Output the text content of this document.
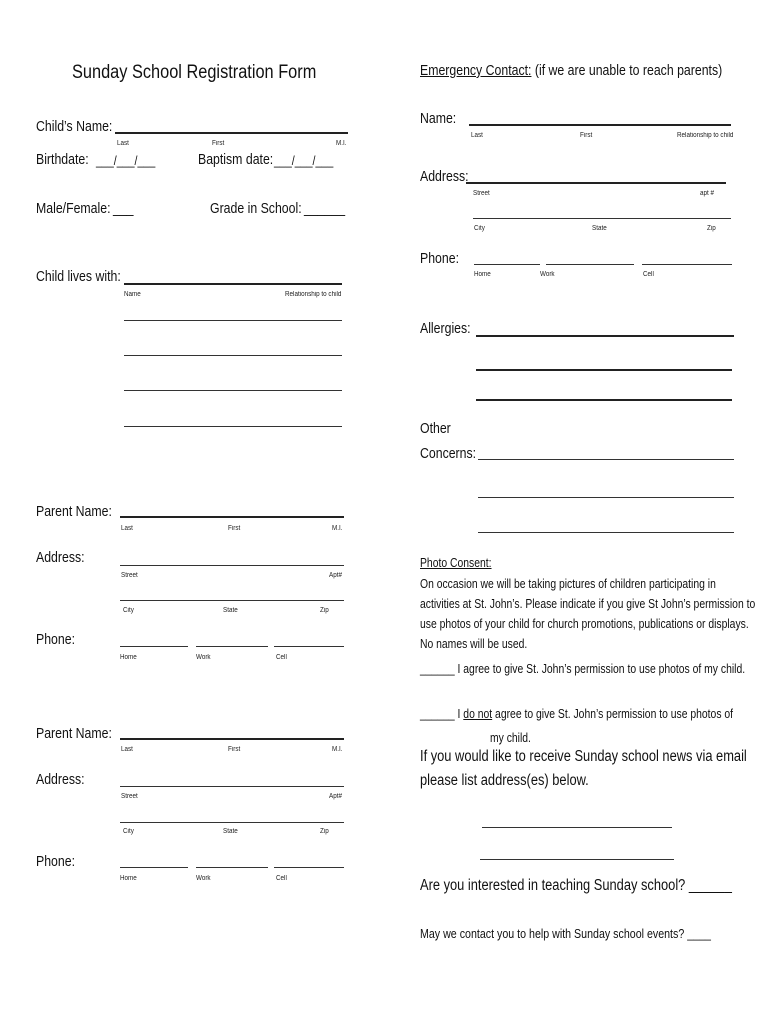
Sunday School Registration Form
Child’s Name:
Last	First	M.I.
Birthdate: ___/___/___	Baptism date: ___/___/___
Male/Female: ___	Grade in School: ______
Child lives with:
Name	Relationship to child
Parent Name:
Last	First	M.I.
Address:
Street	Apt#
City	State	Zip
Phone:
Home	Work	Cell
Parent Name:
Last	First	M.I.
Address:
Street	Apt#
City	State	Zip
Phone:
Home	Work	Cell
Emergency Contact: (if we are unable to reach parents)
Name:
Last	First	Relationship to child
Address:
Street	apt #
City	State	Zip
Phone:
Home	Work	Cell
Allergies:
Other
Concerns:
Photo Consent:
On occasion we will be taking pictures of children participating in
activities at St. John’s. Please indicate if you give St John’s permission to
use photos of your child for church promotions, publications or displays.
No names will be used.
______ I agree to give St. John’s permission to use photos of my child.
______ I do not agree to give St. John’s permission to use photos of
my child.
If you would like to receive Sunday school news via email
please list address(es) below.
Are you interested in teaching Sunday school? ______
May we contact you to help with Sunday school events? ____
